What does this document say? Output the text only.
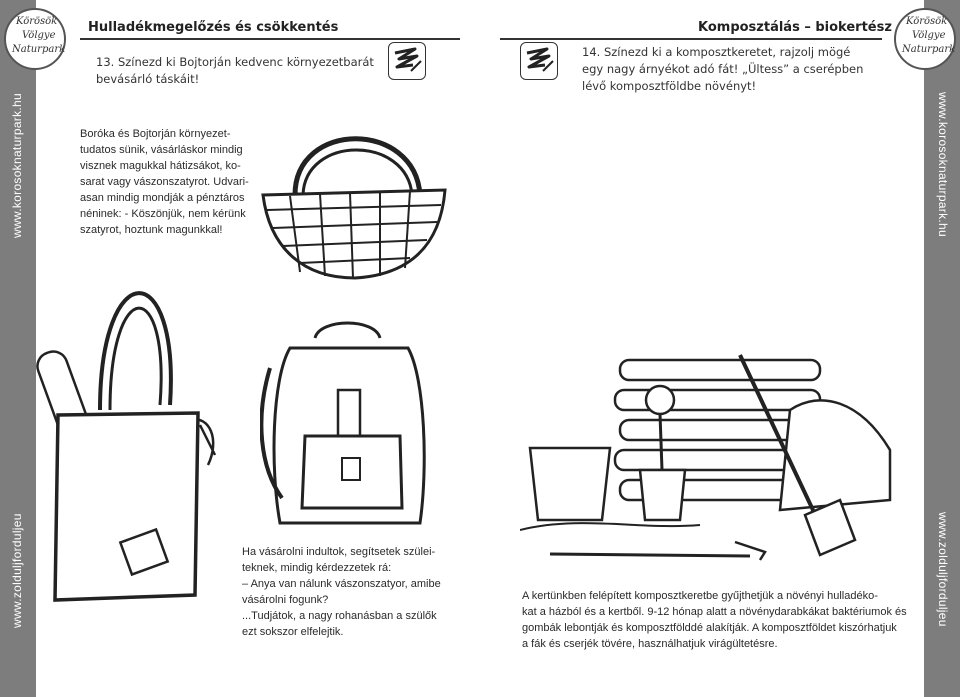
www.korosoknaturpark.hu
www.zoldulj​forduljeu
www.korosoknaturpark.hu
www.zoldulj​forduljeu
Körösök
Völgye
Naturpark
Körösök
Völgye
Naturpark
Hulladékmegelőzés és csökkentés	Komposztálás – biokertész
13. Színezd ki Bojtorján kedvenc környezetbarát
bevásárló táskáit!
14. Színezd ki a komposztkeretet, rajzolj mögé
egy nagy árnyékot adó fát! „Ültess” a cserépben
lévő komposztföldbe növényt!
Boróka és Bojtorján környezet-
tudatos sünik, vásárláskor mindig
visznek magukkal hátizsákot, ko-
sarat vagy vászonszatyrot. Udvari-
asan mindig mondják a pénztáros
néninek: - Köszönjük, nem kérünk
szatyrot, hoztunk magunkkal!
Ha vásárolni indultok, segítsetek szülei-
teknek, mindig kérdezzetek rá:
– Anya van nálunk vászonszatyor, amibe
vásárolni fogunk?
...Tudjátok, a nagy rohanásban a szülők
ezt sokszor elfelejtik.
A kertünkben felépített komposztkeretbe gyűjthetjük a növényi hulladéko-
kat a házból és a kertből. 9-12 hónap alatt a növénydarabkákat baktériumok és
gombák lebontják és komposztfölddé alakítják. A komposztföldet kiszórhatjuk
a fák és cserjék tövére, használhatjuk virágültetésre.
